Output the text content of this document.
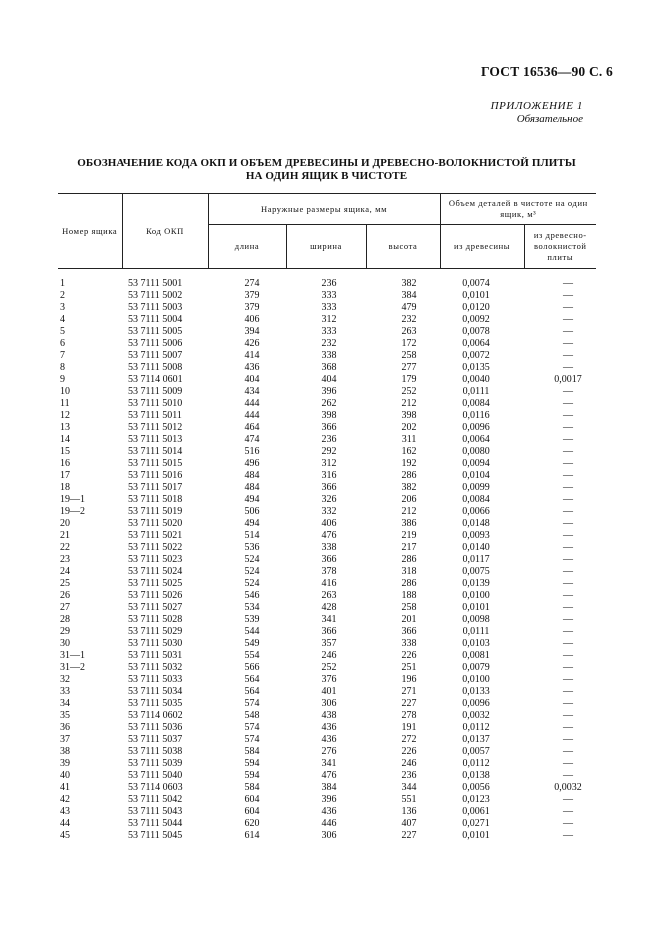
ГОСТ 16536—90 С. 6
ПРИЛОЖЕНИЕ 1
Обязательное
ОБОЗНАЧЕНИЕ КОДА ОКП И ОБЪЕМ ДРЕВЕСИНЫ И ДРЕВЕСНО-ВОЛОКНИСТОЙ ПЛИТЫ
НА ОДИН ЯЩИК В ЧИСТОТЕ
Номер ящика	Код ОКП	Наружные размеры ящика, мм			Объем деталей в чистоте на один ящик, м³	
		длина	ширина	высота	из древесины	из древесно-волокнистой плиты
1	53 7111 5001	274	236	382	0,0074	—
2	53 7111 5002	379	333	384	0,0101	—
3	53 7111 5003	379	333	479	0,0120	—
4	53 7111 5004	406	312	232	0,0092	—
5	53 7111 5005	394	333	263	0,0078	—
6	53 7111 5006	426	232	172	0,0064	—
7	53 7111 5007	414	338	258	0,0072	—
8	53 7111 5008	436	368	277	0,0135	—
9	53 7114 0601	404	404	179	0,0040	0,0017
10	53 7111 5009	434	396	252	0,0111	—
11	53 7111 5010	444	262	212	0,0084	—
12	53 7111 5011	444	398	398	0,0116	—
13	53 7111 5012	464	366	202	0,0096	—
14	53 7111 5013	474	236	311	0,0064	—
15	53 7111 5014	516	292	162	0,0080	—
16	53 7111 5015	496	312	192	0,0094	—
17	53 7111 5016	484	316	286	0,0104	—
18	53 7111 5017	484	366	382	0,0099	—
19—1	53 7111 5018	494	326	206	0,0084	—
19—2	53 7111 5019	506	332	212	0,0066	—
20	53 7111 5020	494	406	386	0,0148	—
21	53 7111 5021	514	476	219	0,0093	—
22	53 7111 5022	536	338	217	0,0140	—
23	53 7111 5023	524	366	286	0,0117	—
24	53 7111 5024	524	378	318	0,0075	—
25	53 7111 5025	524	416	286	0,0139	—
26	53 7111 5026	546	263	188	0,0100	—
27	53 7111 5027	534	428	258	0,0101	—
28	53 7111 5028	539	341	201	0,0098	—
29	53 7111 5029	544	366	366	0,0111	—
30	53 7111 5030	549	357	338	0,0103	—
31—1	53 7111 5031	554	246	226	0,0081	—
31—2	53 7111 5032	566	252	251	0,0079	—
32	53 7111 5033	564	376	196	0,0100	—
33	53 7111 5034	564	401	271	0,0133	—
34	53 7111 5035	574	306	227	0,0096	—
35	53 7114 0602	548	438	278	0,0032	—
36	53 7111 5036	574	436	191	0,0112	—
37	53 7111 5037	574	436	272	0,0137	—
38	53 7111 5038	584	276	226	0,0057	—
39	53 7111 5039	594	341	246	0,0112	—
40	53 7111 5040	594	476	236	0,0138	—
41	53 7114 0603	584	384	344	0,0056	0,0032
42	53 7111 5042	604	396	551	0,0123	—
43	53 7111 5043	604	436	136	0,0061	—
44	53 7111 5044	620	446	407	0,0271	—
45	53 7111 5045	614	306	227	0,0101	—
